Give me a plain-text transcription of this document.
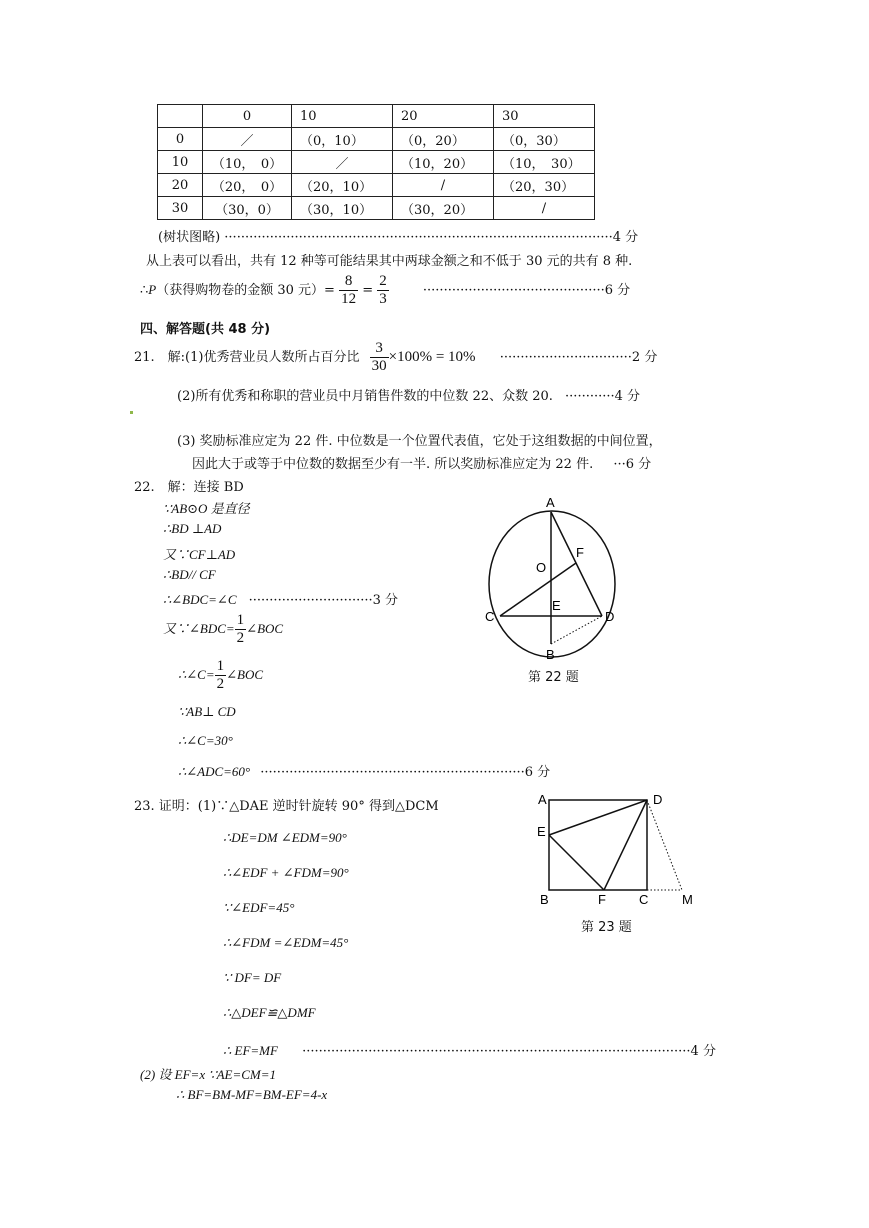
	0	10	20	30
0	／	（0，10）	（0，20）	（0，30）
10	（10，　0）	／	（10，20）	（10，　30）
20	（20，　0）	（20，10）	/	（20，30）
30	（30，0）	（30，10）	（30，20）	/
(树状图略) ······························································································4 分
从上表可以看出，共有 12 种等可能结果其中两球金额之和不低于 30 元的共有 8 种.
∴P（获得购物卷的金额 30 元）= $\frac{8}{12} = \frac{2}{3}$	············································6 分
四、解答题(共 48 分)
21.　解:(1)优秀营业员人数所占百分比 $\frac{3}{30} \times 100\% = 10\% \cdot\cdot\cdot\cdot\cdot\cdot\cdot\cdot\cdot\cdot\cdot\cdot\cdot\cdot\cdot\cdot\cdot\cdot\cdot\cdot\cdot\cdot\cdot\cdot\cdot\cdot\cdot\cdot\cdot\cdot\cdot\cdot 2$ 分
(2)所有优秀和称职的营业员中月销售件数的中位数 22、众数 20. ············4 分
(3) 奖励标准应定为 22 件. 中位数是一个位置代表值，它处于这组数据的中间位置，
因此大于或等于中位数的数据至少有一半. 所以奖励标准应定为 22 件. ···6 分
22.　解：连接 BD
∵AB⊙O 是直径
∴BD ⊥AD
又∵CF⊥AD
∴BD// CF
∴∠BDC=∠C ······························3 分
又∵∠BDC= $\frac{1}{2}$ ∠BOC
∴∠C= $\frac{1}{2}$ ∠BOC
∵AB⊥ CD
∴∠C=30°
∴∠ADC=60° ································································6 分
A
F
O
E
C	D
B
第 22 题
23. 证明：(1)∵△DAE 逆时针旋转 90° 得到△DCM
∴DE=DM ∠EDM=90°
∴∠EDF + ∠FDM=90°
∵∠EDF=45°
∴∠FDM =∠EDM=45°
∵ DF= DF
∴△DEF≌△DMF
∴ EF=MF ······························································································4 分
(2) 设 EF=x ∵AE=CM=1
∴ BF=BM-MF=BM-EF=4-x
A	D
E
B	F	C	M
第 23 题
